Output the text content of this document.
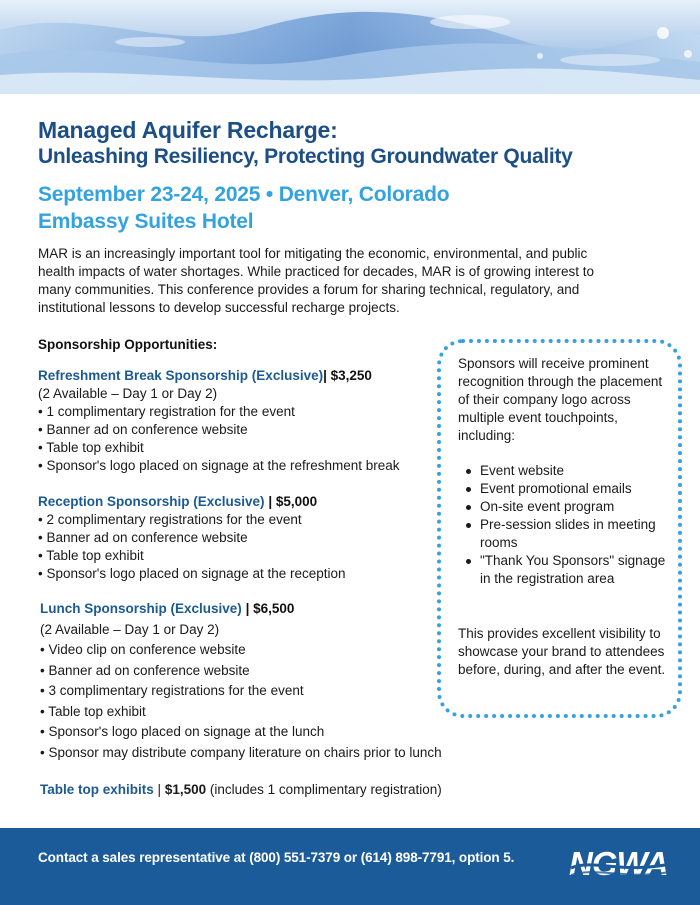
Managed Aquifer Recharge:
Unleashing Resiliency, Protecting Groundwater Quality
September 23-24, 2025 • Denver, Colorado
Embassy Suites Hotel

MAR is an increasingly important tool for mitigating the economic, environmental, and public health impacts of water shortages. While practiced for decades, MAR is of growing interest to many communities. This conference provides a forum for sharing technical, regulatory, and institutional lessons to develop successful recharge projects.

Sponsorship Opportunities:
Refreshment Break Sponsorship (Exclusive)| $3,250
(2 Available – Day 1 or Day 2)
• 1 complimentary registration for the event
• Banner ad on conference website
• Table top exhibit
• Sponsor's logo placed on signage at the refreshment break
Reception Sponsorship (Exclusive) | $5,000
• 2 complimentary registrations for the event
• Banner ad on conference website
• Table top exhibit
• Sponsor's logo placed on signage at the reception
Lunch Sponsorship (Exclusive) | $6,500
(2 Available – Day 1 or Day 2)
• Video clip on conference website
• Banner ad on conference website
• 3 complimentary registrations for the event
• Table top exhibit
• Sponsor's logo placed on signage at the lunch
• Sponsor may distribute company literature on chairs prior to lunch
Table top exhibits | $1,500 (includes 1 complimentary registration)

Sponsors will receive prominent recognition through the placement of their company logo across multiple event touchpoints, including:

Event website
Event promotional emails
On-site event program
Pre-session slides in meeting rooms
"Thank You Sponsors" signage in the registration area

This provides excellent visibility to showcase your brand to attendees before, during, and after the event.

Contact a sales representative at (800) 551-7379 or (614) 898-7791, option 5. NGWA
